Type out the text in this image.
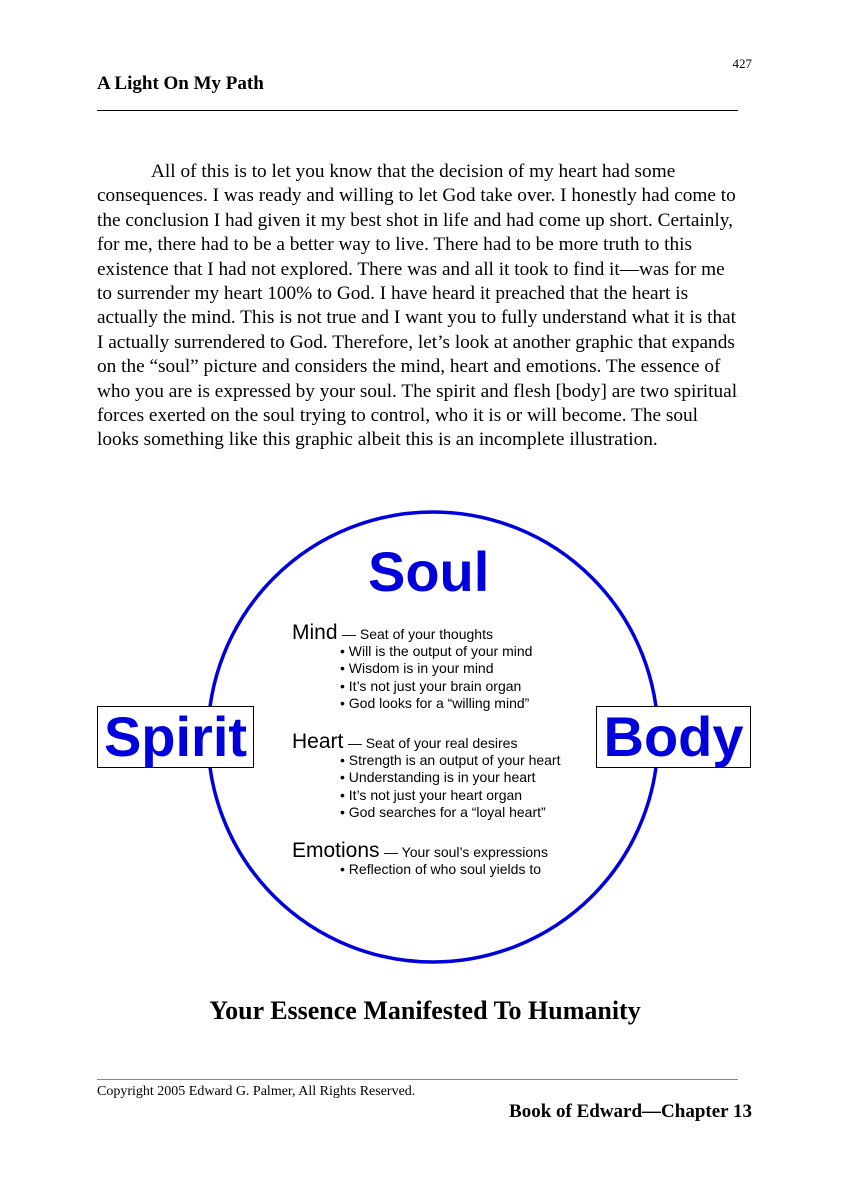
427
A Light On My Path

All of this is to let you know that the decision of my heart had some consequences. I was ready and willing to let God take over. I honestly had come to the conclusion I had given it my best shot in life and had come up short. Certainly, for me, there had to be a better way to live. There had to be more truth to this existence that I had not explored. There was and all it took to find it—was for me to surrender my heart 100% to God. I have heard it preached that the heart is actually the mind. This is not true and I want you to fully understand what it is that I actually surrendered to God. Therefore, let’s look at another graphic that expands on the “soul” picture and considers the mind, heart and emotions. The essence of who you are is expressed by your soul. The spirit and flesh [body] are two spiritual forces exerted on the soul trying to control, who it is or will become. The soul looks something like this graphic albeit this is an incomplete illustration.

Soul
Spirit	Body
Mind — Seat of your thoughts
• Will is the output of your mind
• Wisdom is in your mind
• It’s not just your brain organ
• God looks for a “willing mind”
Heart — Seat of your real desires
• Strength is an output of your heart
• Understanding is in your heart
• It’s not just your heart organ
• God searches for a “loyal heart”
Emotions — Your soul’s expressions
• Reflection of who soul yields to
Your Essence Manifested To Humanity
Copyright 2005 Edward G. Palmer, All Rights Reserved.
Book of Edward—Chapter 13
